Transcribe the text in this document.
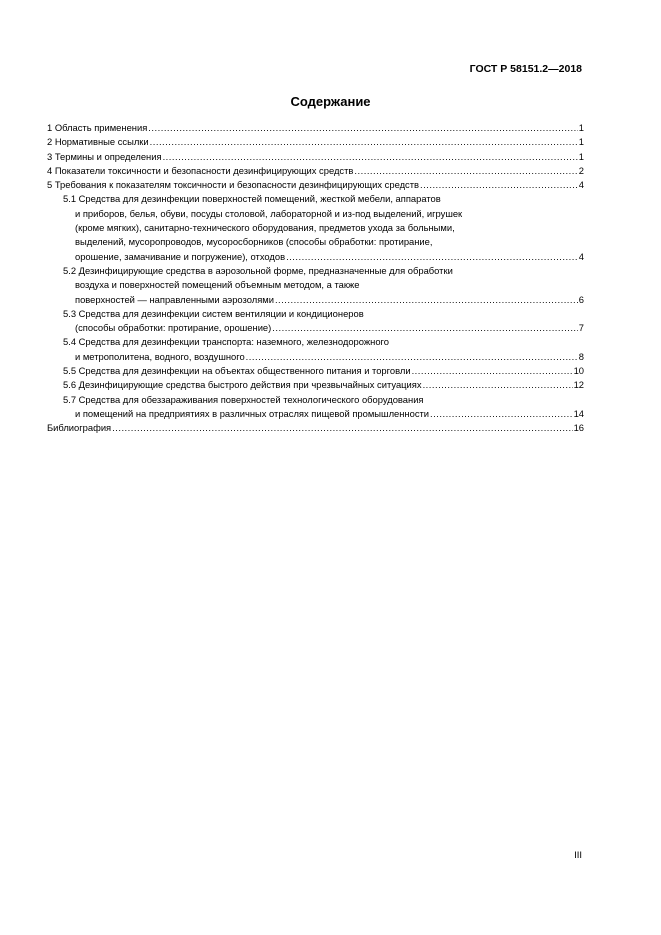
ГОСТ Р 58151.2—2018
Содержание
1 Область применения .....	1
2 Нормативные ссылки .....	1
3 Термины и определения .....	1
4 Показатели токсичности и безопасности дезинфицирующих средств .....	2
5 Требования к показателям токсичности и безопасности дезинфицирующих средств .....	4
5.1 Средства для дезинфекции поверхностей помещений, жесткой мебели, аппаратов
и приборов, белья, обуви, посуды столовой, лабораторной и из-под выделений, игрушек
(кроме мягких), санитарно-технического оборудования, предметов ухода за больными,
выделений, мусоропроводов, мусоросборников (способы обработки: протирание,
орошение, замачивание и погружение), отходов .....	4
5.2 Дезинфицирующие средства в аэрозольной форме, предназначенные для обработки
воздуха и поверхностей помещений объемным методом, а также
поверхностей — направленными аэрозолями .....	6
5.3 Средства для дезинфекции систем вентиляции и кондиционеров
(способы обработки: протирание, орошение) .....	7
5.4 Средства для дезинфекции транспорта: наземного, железнодорожного
и метрополитена, водного, воздушного .....	8
5.5 Средства для дезинфекции на объектах общественного питания и торговли .....	10
5.6 Дезинфицирующие средства быстрого действия при чрезвычайных ситуациях .....	12
5.7 Средства для обеззараживания поверхностей технологического оборудования
и помещений на предприятиях в различных отраслях пищевой промышленности .....	14
Библиография .....	16
III
